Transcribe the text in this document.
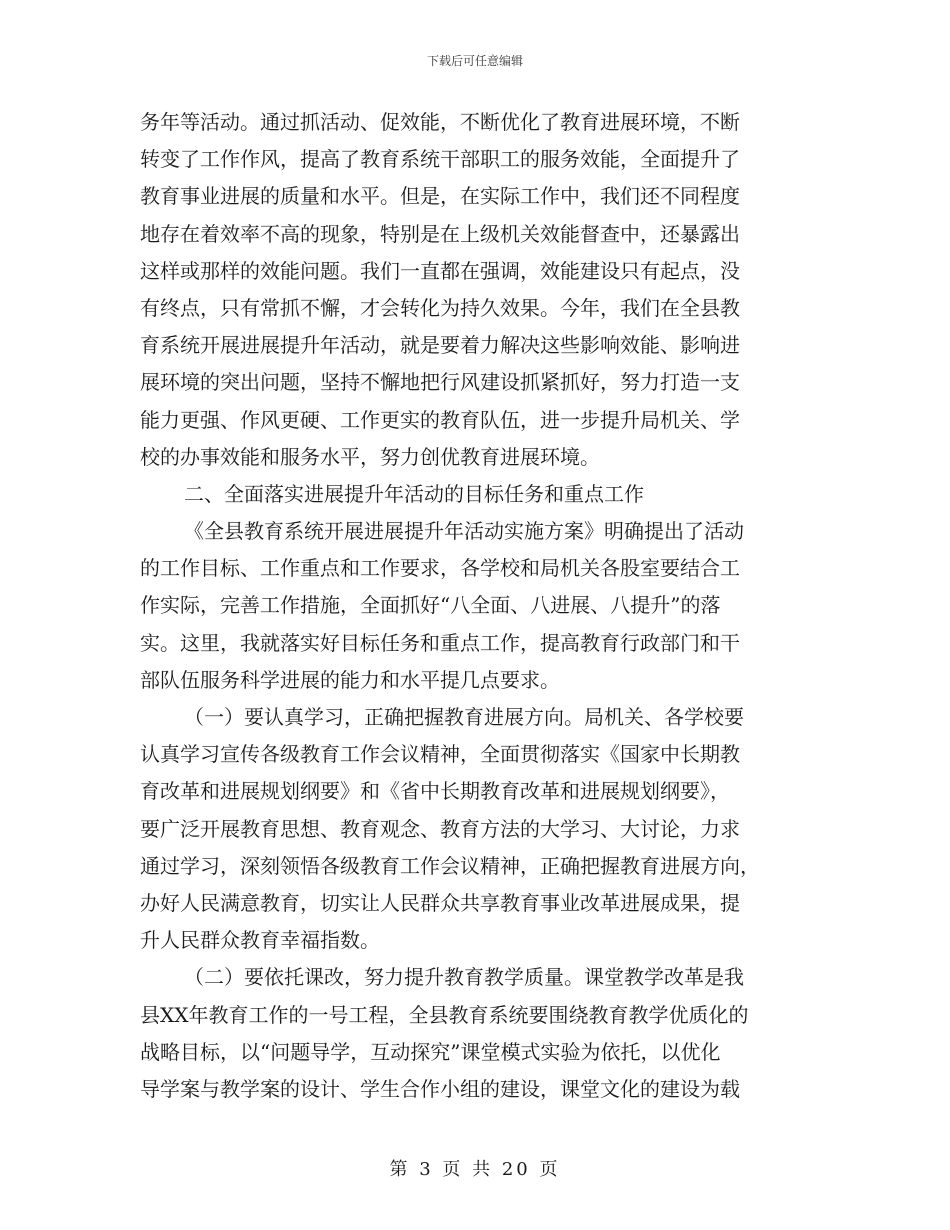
下载后可任意编辑
务年等活动。通过抓活动、促效能，不断优化了教育进展环境，不断
转变了工作作风，提高了教育系统干部职工的服务效能，全面提升了
教育事业进展的质量和水平。但是，在实际工作中，我们还不同程度
地存在着效率不高的现象，特别是在上级机关效能督查中，还暴露出
这样或那样的效能问题。我们一直都在强调，效能建设只有起点，没
有终点，只有常抓不懈，才会转化为持久效果。今年，我们在全县教
育系统开展进展提升年活动，就是要着力解决这些影响效能、影响进
展环境的突出问题，坚持不懈地把行风建设抓紧抓好，努力打造一支
能力更强、作风更硬、工作更实的教育队伍，进一步提升局机关、学
校的办事效能和服务水平，努力创优教育进展环境。
二、全面落实进展提升年活动的目标任务和重点工作
《全县教育系统开展进展提升年活动实施方案》明确提出了活动
的工作目标、工作重点和工作要求，各学校和局机关各股室要结合工
作实际，完善工作措施，全面抓好“八全面、八进展、八提升”的落
实。这里，我就落实好目标任务和重点工作，提高教育行政部门和干
部队伍服务科学进展的能力和水平提几点要求。
（一）要认真学习，正确把握教育进展方向。局机关、各学校要
认真学习宣传各级教育工作会议精神，全面贯彻落实《国家中长期教
育改革和进展规划纲要》和《省中长期教育改革和进展规划纲要》，
要广泛开展教育思想、教育观念、教育方法的大学习、大讨论，力求
通过学习，深刻领悟各级教育工作会议精神，正确把握教育进展方向，
办好人民满意教育，切实让人民群众共享教育事业改革进展成果，提
升人民群众教育幸福指数。
（二）要依托课改，努力提升教育教学质量。课堂教学改革是我
县XX年教育工作的一号工程，全县教育系统要围绕教育教学优质化的
战略目标，以“问题导学，互动探究”课堂模式实验为依托，以优化
导学案与教学案的设计、学生合作小组的建设，课堂文化的建设为载
第 3 页 共 20 页
